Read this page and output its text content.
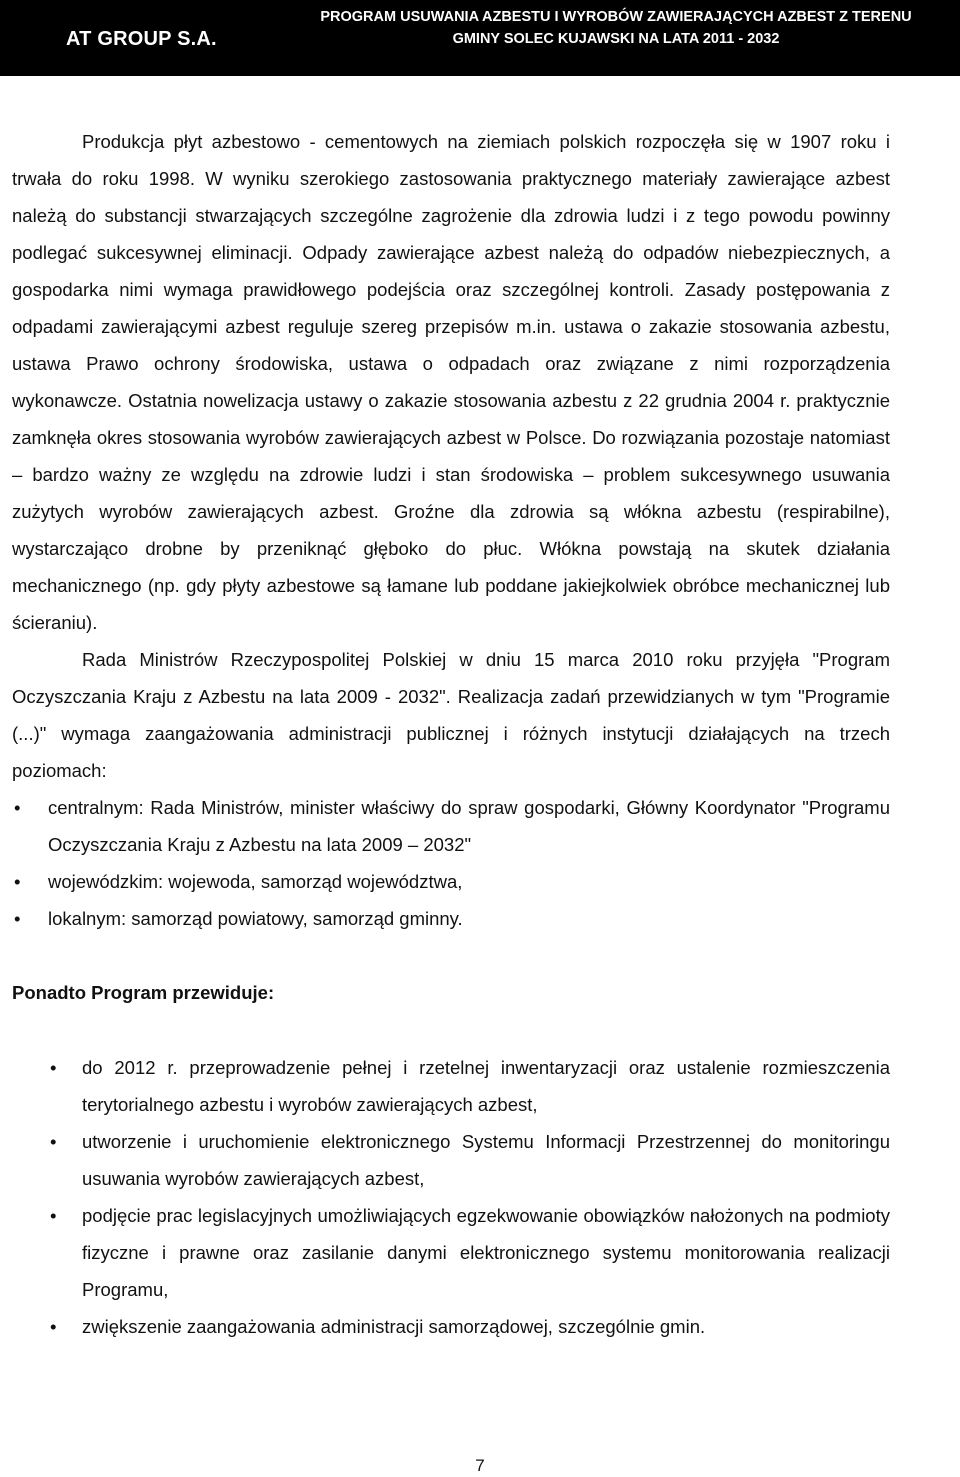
AT GROUP S.A.
PROGRAM USUWANIA AZBESTU I WYROBÓW ZAWIERAJĄCYCH AZBEST Z TERENU
GMINY SOLEC KUJAWSKI NA LATA 2011 - 2032

Produkcja płyt azbestowo - cementowych na ziemiach polskich rozpoczęła się w 1907 roku i trwała do roku 1998. W wyniku szerokiego zastosowania praktycznego materiały zawierające azbest należą do substancji stwarzających szczególne zagrożenie dla zdrowia ludzi i z tego powodu powinny podlegać sukcesywnej eliminacji. Odpady zawierające azbest należą do odpadów niebezpiecznych, a gospodarka nimi wymaga prawidłowego podejścia oraz szczególnej kontroli. Zasady postępowania z odpadami zawierającymi azbest reguluje szereg przepisów m.in. ustawa o zakazie stosowania azbestu, ustawa Prawo ochrony środowiska, ustawa o odpadach oraz związane z nimi rozporządzenia wykonawcze. Ostatnia nowelizacja ustawy o zakazie stosowania azbestu z 22 grudnia 2004 r. praktycznie zamknęła okres stosowania wyrobów zawierających azbest w Polsce. Do rozwiązania pozostaje natomiast – bardzo ważny ze względu na zdrowie ludzi i stan środowiska – problem sukcesywnego usuwania zużytych wyrobów zawierających azbest. Groźne dla zdrowia są włókna azbestu (respirabilne), wystarczająco drobne by przeniknąć głęboko do płuc. Włókna powstają na skutek działania mechanicznego (np. gdy płyty azbestowe są łamane lub poddane jakiejkolwiek obróbce mechanicznej lub ścieraniu).

Rada Ministrów Rzeczypospolitej Polskiej w dniu 15 marca 2010 roku przyjęła "Program Oczyszczania Kraju z Azbestu na lata 2009 - 2032". Realizacja zadań przewidzianych w tym "Programie (...)" wymaga zaangażowania administracji publicznej i różnych instytucji działających na trzech poziomach:

• centralnym: Rada Ministrów, minister właściwy do spraw gospodarki, Główny Koordynator "Programu Oczyszczania Kraju z Azbestu na lata 2009 – 2032"
• wojewódzkim: wojewoda, samorząd województwa,
• lokalnym: samorząd powiatowy, samorząd gminny.
Ponadto Program przewiduje:
• do 2012 r. przeprowadzenie pełnej i rzetelnej inwentaryzacji oraz ustalenie rozmieszczenia terytorialnego azbestu i wyrobów zawierających azbest,
• utworzenie i uruchomienie elektronicznego Systemu Informacji Przestrzennej do monitoringu usuwania wyrobów zawierających azbest,
• podjęcie prac legislacyjnych umożliwiających egzekwowanie obowiązków nałożonych na podmioty fizyczne i prawne oraz zasilanie danymi elektronicznego systemu monitorowania realizacji Programu,
• zwiększenie zaangażowania administracji samorządowej, szczególnie gmin.
7
